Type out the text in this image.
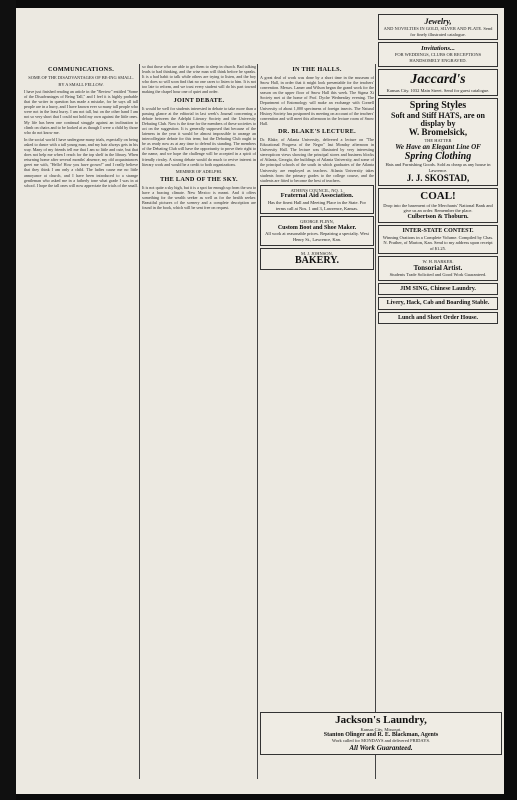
COMMUNICATIONS.
SOME OF THE DISADVANTAGES OF BE-ING SMALL.
BY A SMALL FELLOW.
I have just finished reading an article in the "Review" entitled "Some of the Disadvantages of Being Tall," and I feel it is highly probable that the writer in question has made a mistake, for he says all tall people are in a hurry, and I have known ever so many tall people who were not in the least hurry. I am not tall, but on the other hand I am not so very short that I could not hold my own against the little ones. My life has been one continual struggle against an inclination to climb on chairs and to be looked at as though I were a child by those who do not know me.
In the social world I have undergone many trials, especially on being asked to dance with a tall young man, and my hair always gets in his way. Many of my friends tell me that I am so little and cute, but that does not help me when I reach for the top shelf in the library. When returning home after several months' absence, my old acquaintances greet me with, "Hello! How you have grown!" and I really believe that they think I am only a child. The ladies cause me no little annoyance at church, and I have been introduced to a strange gentleman who asked me in a fatherly tone what grade I was in at school. I hope the tall ones will now appreciate the trials of the small.
so that those who are able to get them to sleep in church. Bad talking leads to bad thinking, and the wise man will think before he speaks. It is a bad habit to talk while others are trying to listen, and the boy who does so will soon find that no one cares to listen to him. It is not too late to reform, and we trust every student will do his part toward making the chapel hour one of quiet and order.
JOINT DEBATE.
It would be well for students interested in debate to take more than a passing glance at the editorial in last week's Journal concerning a debate between the Adelphi Literary Society and the University Debating Club. Now is the time for the members of these societies to act on the suggestion. It is generally supposed that because of the lateness in the year it would be almost impossible to arrange an intercollegiate debate for this term; but the Debating Club ought to be as ready now as at any time to defend its standing. The members of the Debating Club will have the opportunity to prove their right to the name, and we hope the challenge will be accepted in a spirit of friendly rivalry. A strong debate would do much to revive interest in literary work and would be a credit to both organizations.
MEMBER OF ADELPHI.
THE LAND OF THE SKY.
It is not quite a sky high, but it is a spot far enough up from the sea to have a bracing climate. New Mexico is meant. And it offers something for the wealth seeker as well as for the health seeker. Beautiful pictures of the scenery and a complete description are found in the book, which will be sent free on request.
IN THE HALLS.
A great deal of work was done by a short time in the museum of Snow Hall, in order that it might look presentable for the teachers' convention. Messrs. Lamer and Wilson began the grand work for the season on the upper floor of Snow Hall this week. The Sigma Xi Society met at the home of Prof. Dyche Wednesday evening. The Department of Entomology will make an exchange with Cornell University of about 1,000 specimens of foreign insects. The Natural History Society has postponed its meeting on account of the teachers' convention and will meet this afternoon in the lecture room of Snow Hall.
DR. BLAKE'S LECTURE.
Dr. Blake, of Atlanta University, delivered a lecture on "The Educational Progress of the Negro" last Monday afternoon in University Hall. The lecture was illustrated by very interesting stereopticon views showing the principal stores and business blocks of Atlanta, Georgia, the buildings of Atlanta University, and some of the principal schools of the south in which graduates of the Atlanta University are employed as teachers. Atlanta University takes students from the primary grades to the college course, and the students are fitted to become the best of teachers.
ATHENS COUNCIL, NO. 1.
Fraternal Aid Association.
Has the finest Hall and Meeting Place in the State. For terms call at Nos. 1 and 3, Lawrence, Kansas.
GEORGE FLINN,
Custom Boot and Shoe Maker.
All work at reasonable prices. Repairing a specialty. West Henry St., Lawrence, Kan.
M. J. JOHNSON,
BAKERY.
Jewelry,
AND NOVELTIES IN GOLD, SILVER AND PLATE. Send for finely illustrated catalogue.
Invitations...
FOR WEDDINGS, CLUBS OR RECEPTIONS HANDSOMELY ENGRAVED.
Jaccard's
Kansas City. 1032 Main Street. Send for guest catalogue.
Spring Styles
Soft and Stiff HATS, are on display by
W. Bromelsick,
THE HATTER
We Have an Elegant Line OF
Spring Clothing
Hats and Furnishing Goods. Sold as cheap as any house in Lawrence.
J. J. SKOSTAD,
COAL!
Drop into the basement of the Merchants' National Bank and give us an order. Remember the place.
Culbertson & Thoburn.
INTER-STATE CONTEST.
Winning Orations in a Complete Volume. Compiled by Chas. N. Prather, of Marion, Kan. Send to my address upon receipt of $1.25.
W. H. BARKER.
Tonsorial Artist.
Students Trade Solicited and Good Work Guaranteed.
JIM SING, Chinese Laundry.
Livery, Hack, Cab and Boarding Stable.
Lunch and Short Order House.
Jackson's Laundry,
Kansas City, Missouri.
Stanton Olinger and R. E. Blackman, Agents
Work called for MONDAYS and delivered FRIDAYS.
All Work Guaranteed.
